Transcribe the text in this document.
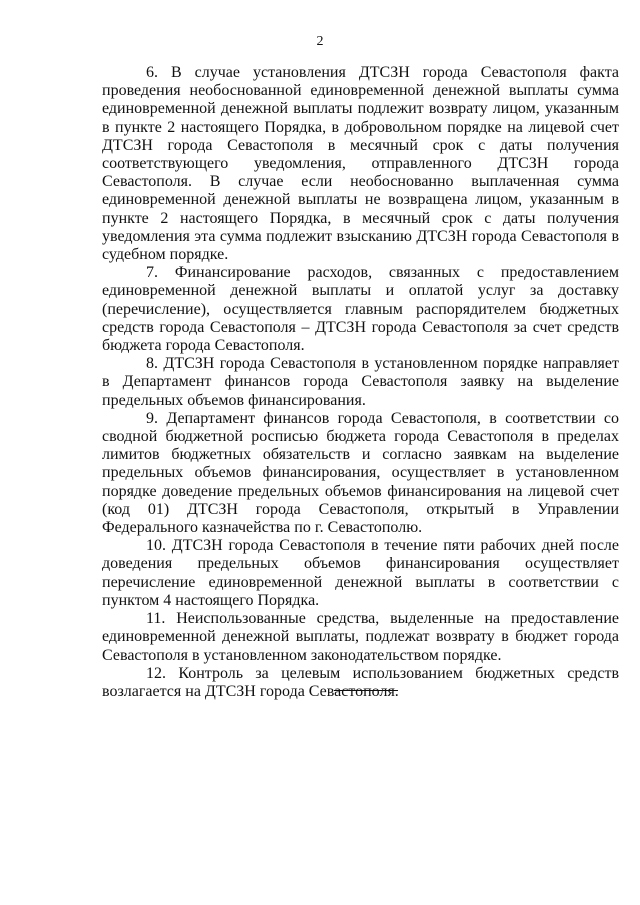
2

6. В случае установления ДТСЗН города Севастополя факта проведения необоснованной единовременной денежной выплаты сумма единовременной денежной выплаты подлежит возврату лицом, указанным в пункте 2 настоящего Порядка, в добровольном порядке на лицевой счет ДТСЗН города Севастополя в месячный срок с даты получения соответствующего уведомления, отправленного ДТСЗН города Севастополя. В случае если необоснованно выплаченная сумма единовременной денежной выплаты не возвращена лицом, указанным в пункте 2 настоящего Порядка, в месячный срок с даты получения уведомления эта сумма подлежит взысканию ДТСЗН города Севастополя в судебном порядке.

7. Финансирование расходов, связанных с предоставлением единовременной денежной выплаты и оплатой услуг за доставку (перечисление), осуществляется главным распорядителем бюджетных средств города Севастополя – ДТСЗН города Севастополя за счет средств бюджета города Севастополя.

8. ДТСЗН города Севастополя в установленном порядке направляет в Департамент финансов города Севастополя заявку на выделение предельных объемов финансирования.

9. Департамент финансов города Севастополя, в соответствии со сводной бюджетной росписью бюджета города Севастополя в пределах лимитов бюджетных обязательств и согласно заявкам на выделение предельных объемов финансирования, осуществляет в установленном порядке доведение предельных объемов финансирования на лицевой счет (код 01) ДТСЗН города Севастополя, открытый в Управлении Федерального казначейства по г. Севастополю.

10. ДТСЗН города Севастополя в течение пяти рабочих дней после доведения предельных объемов финансирования осуществляет перечисление единовременной денежной выплаты в соответствии с пунктом 4 настоящего Порядка.

11. Неиспользованные средства, выделенные на предоставление единовременной денежной выплаты, подлежат возврату в бюджет города Севастополя в установленном законодательством порядке.

12. Контроль за целевым использованием бюджетных средств возлагается на ДТСЗН города Севастополя.
